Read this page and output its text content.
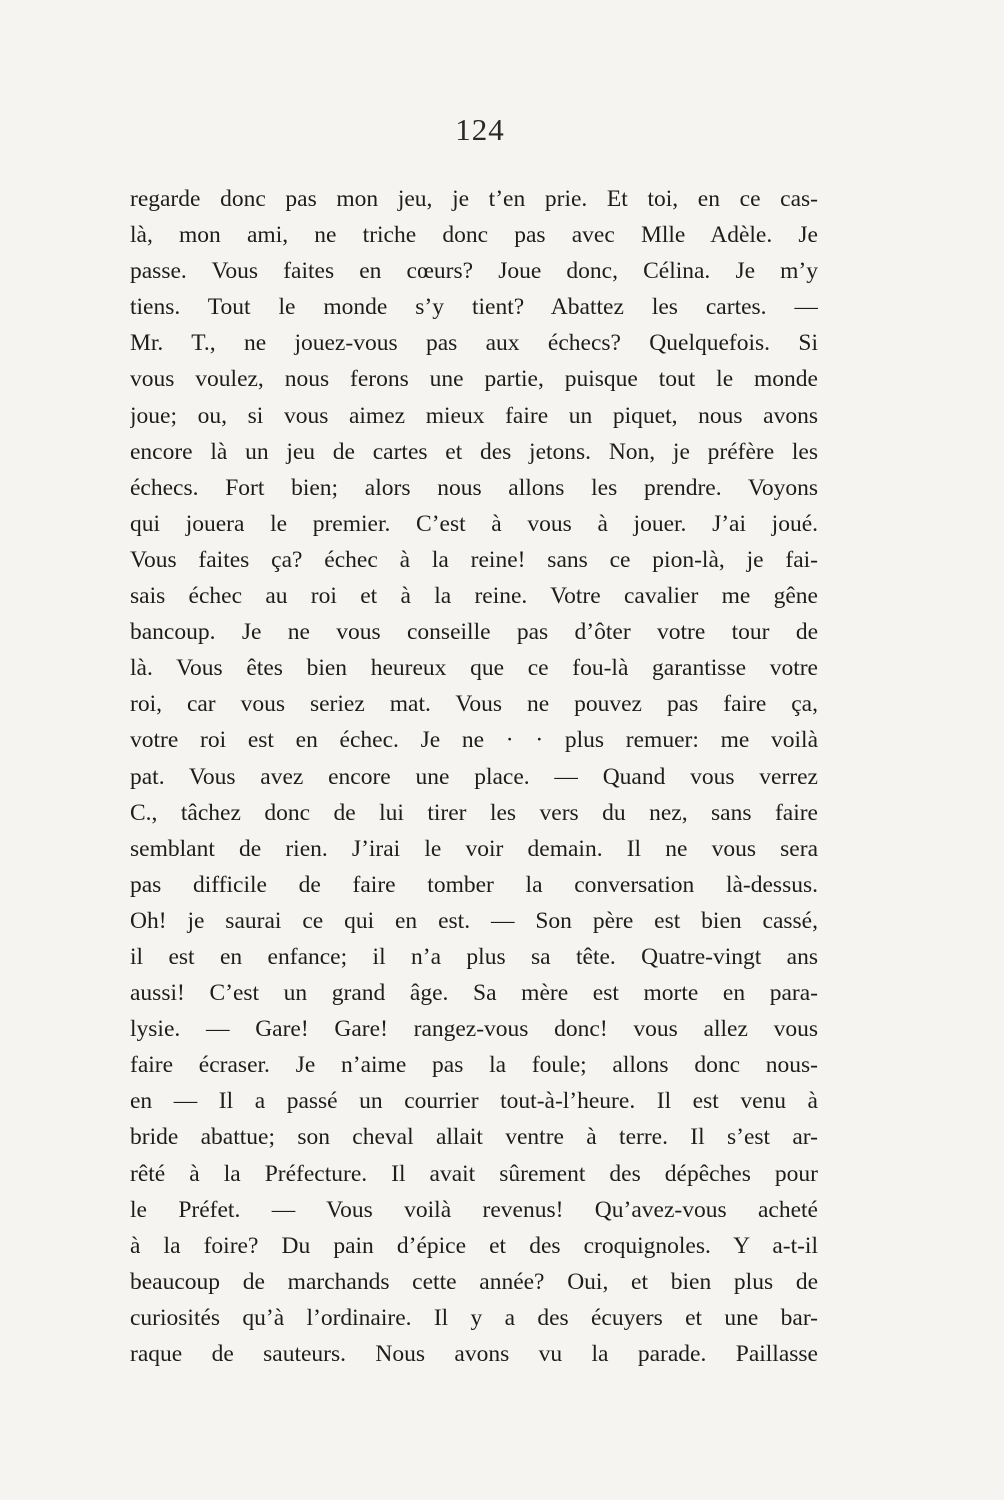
124
regarde donc pas mon jeu, je t’en prie. Et toi, en ce cas-
là, mon ami, ne triche donc pas avec Mlle Adèle. Je
passe. Vous faites en cœurs? Joue donc, Célina. Je m’y
tiens. Tout le monde s’y tient? Abattez les cartes. —
Mr. T., ne jouez-vous pas aux échecs? Quelquefois. Si
vous voulez, nous ferons une partie, puisque tout le monde
joue; ou, si vous aimez mieux faire un piquet, nous avons
encore là un jeu de cartes et des jetons. Non, je préfère les
échecs. Fort bien; alors nous allons les prendre. Voyons
qui jouera le premier. C’est à vous à jouer. J’ai joué.
Vous faites ça? échec à la reine! sans ce pion-là, je fai-
sais échec au roi et à la reine. Votre cavalier me gêne
bancoup. Je ne vous conseille pas d’ôter votre tour de
là. Vous êtes bien heureux que ce fou-là garantisse votre
roi, car vous seriez mat. Vous ne pouvez pas faire ça,
votre roi est en échec. Je ne · · plus remuer: me voilà
pat. Vous avez encore une place. — Quand vous verrez
C., tâchez donc de lui tirer les vers du nez, sans faire
semblant de rien. J’irai le voir demain. Il ne vous sera
pas difficile de faire tomber la conversation là-dessus.
Oh! je saurai ce qui en est. — Son père est bien cassé,
il est en enfance; il n’a plus sa tête. Quatre-vingt ans
aussi! C’est un grand âge. Sa mère est morte en para-
lysie. — Gare! Gare! rangez-vous donc! vous allez vous
faire écraser. Je n’aime pas la foule; allons donc nous-
en — Il a passé un courrier tout-à-l’heure. Il est venu à
bride abattue; son cheval allait ventre à terre. Il s’est ar-
rêté à la Préfecture. Il avait sûrement des dépêches pour
le Préfet. — Vous voilà revenus! Qu’avez-vous acheté
à la foire? Du pain d’épice et des croquignoles. Y a-t-il
beaucoup de marchands cette année? Oui, et bien plus de
curiosités qu’à l’ordinaire. Il y a des écuyers et une bar-
raque de sauteurs. Nous avons vu la parade. Paillasse
